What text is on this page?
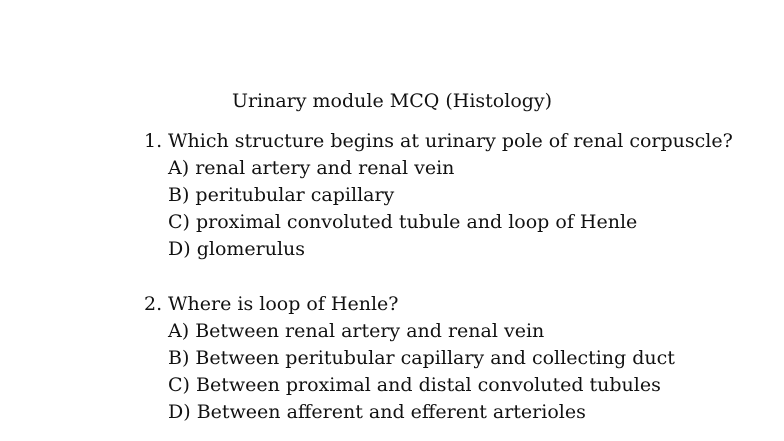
Urinary module MCQ (Histology)
1. Which structure begins at urinary pole of renal corpuscle?
A) renal artery and renal vein
B) peritubular capillary
C) proximal convoluted tubule and loop of Henle
D) glomerulus
2. Where is loop of Henle?
A) Between renal artery and renal vein
B) Between peritubular capillary and collecting duct
C) Between proximal and distal convoluted tubules
D) Between afferent and efferent arterioles
